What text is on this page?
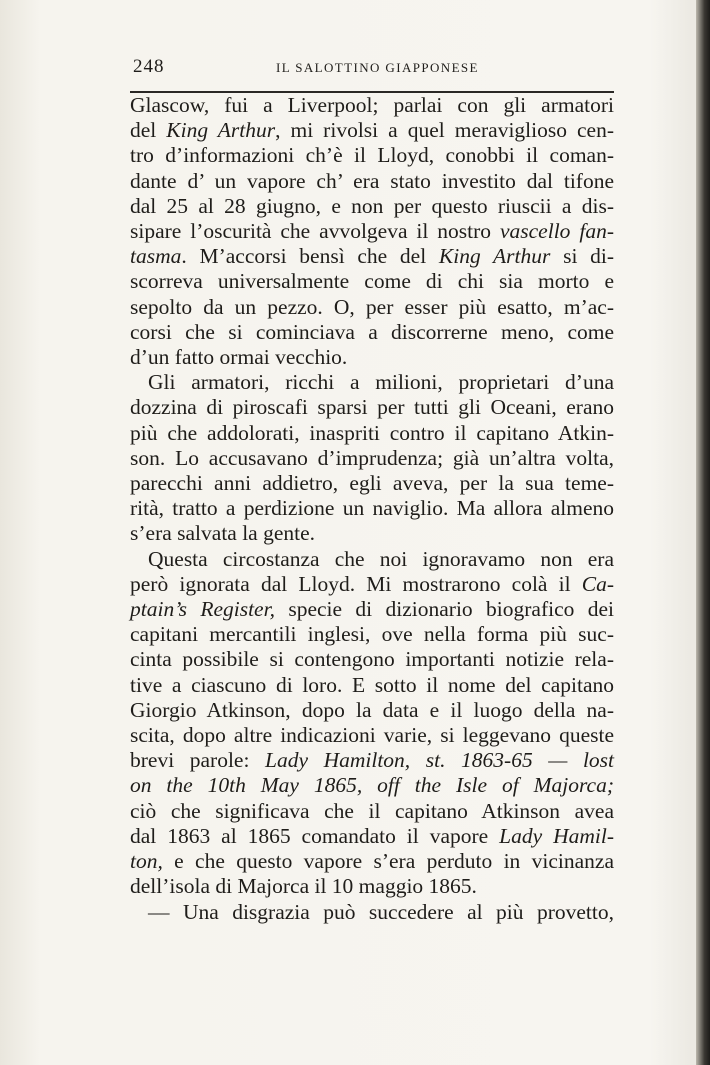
248	IL SALOTTINO GIAPPONESE
Glascow, fui a Liverpool; parlai con gli armatori
del King Arthur, mi rivolsi a quel meraviglioso cen-
tro d’informazioni ch’è il Lloyd, conobbi il coman-
dante d’ un vapore ch’ era stato investito dal tifone
dal 25 al 28 giugno, e non per questo riuscii a dis-
sipare l’oscurità che avvolgeva il nostro vascello fan-
tasma. M’accorsi bensì che del King Arthur si di-
scorreva universalmente come di chi sia morto e
sepolto da un pezzo. O, per esser più esatto, m’ac-
corsi che si cominciava a discorrerne meno, come
d’un fatto ormai vecchio.
Gli armatori, ricchi a milioni, proprietari d’una
dozzina di piroscafi sparsi per tutti gli Oceani, erano
più che addolorati, inaspriti contro il capitano Atkin-
son. Lo accusavano d’imprudenza; già un’altra volta,
parecchi anni addietro, egli aveva, per la sua teme-
rità, tratto a perdizione un naviglio. Ma allora almeno
s’era salvata la gente.
Questa circostanza che noi ignoravamo non era
però ignorata dal Lloyd. Mi mostrarono colà il Ca-
ptain’s Register, specie di dizionario biografico dei
capitani mercantili inglesi, ove nella forma più suc-
cinta possibile si contengono importanti notizie rela-
tive a ciascuno di loro. E sotto il nome del capitano
Giorgio Atkinson, dopo la data e il luogo della na-
scita, dopo altre indicazioni varie, si leggevano queste
brevi parole: Lady Hamilton, st. 1863-65 — lost
on the 10th May 1865, off the Isle of Majorca;
ciò che significava che il capitano Atkinson avea
dal 1863 al 1865 comandato il vapore Lady Hamil-
ton, e che questo vapore s’era perduto in vicinanza
dell’isola di Majorca il 10 maggio 1865.
— Una disgrazia può succedere al più provetto,
